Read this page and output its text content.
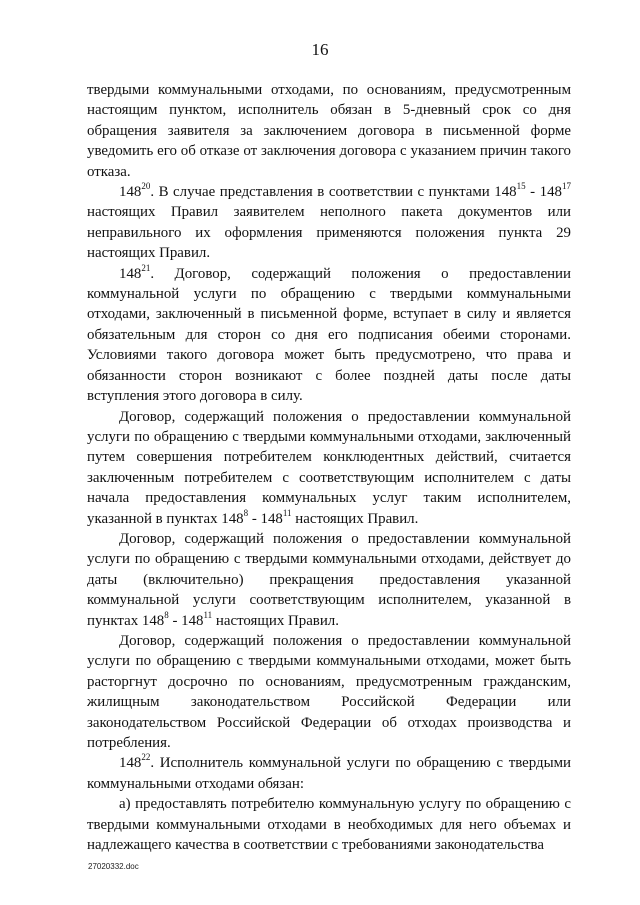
16

твердыми коммунальными отходами, по основаниям, предусмотренным настоящим пунктом, исполнитель обязан в 5-дневный срок со дня обращения заявителя за заключением договора в письменной форме уведомить его об отказе от заключения договора с указанием причин такого отказа.

$148^{20}$. В случае представления в соответствии с пунктами $148^{15} - 148^{17}$ настоящих Правил заявителем неполного пакета документов или неправильного их оформления применяются положения пункта 29 настоящих Правил.

$148^{21}$. Договор, содержащий положения о предоставлении коммунальной услуги по обращению с твердыми коммунальными отходами, заключенный в письменной форме, вступает в силу и является обязательным для сторон со дня его подписания обеими сторонами. Условиями такого договора может быть предусмотрено, что права и обязанности сторон возникают с более поздней даты после даты вступления этого договора в силу.

Договор, содержащий положения о предоставлении коммунальной услуги по обращению с твердыми коммунальными отходами, заключенный путем совершения потребителем конклюдентных действий, считается заключенным потребителем с соответствующим исполнителем с даты начала предоставления коммунальных услуг таким исполнителем, указанной в пунктах $148^8 - 148^{11}$ настоящих Правил.

Договор, содержащий положения о предоставлении коммунальной услуги по обращению с твердыми коммунальными отходами, действует до даты (включительно) прекращения предоставления указанной коммунальной услуги соответствующим исполнителем, указанной в пунктах $148^8 - 148^{11}$ настоящих Правил.

Договор, содержащий положения о предоставлении коммунальной услуги по обращению с твердыми коммунальными отходами, может быть расторгнут досрочно по основаниям, предусмотренным гражданским, жилищным законодательством Российской Федерации или законодательством Российской Федерации об отходах производства и потребления.

$148^{22}$. Исполнитель коммунальной услуги по обращению с твердыми коммунальными отходами обязан:

а) предоставлять потребителю коммунальную услугу по обращению с твердыми коммунальными отходами в необходимых для него объемах и надлежащего качества в соответствии с требованиями законодательства

27020332.doc
